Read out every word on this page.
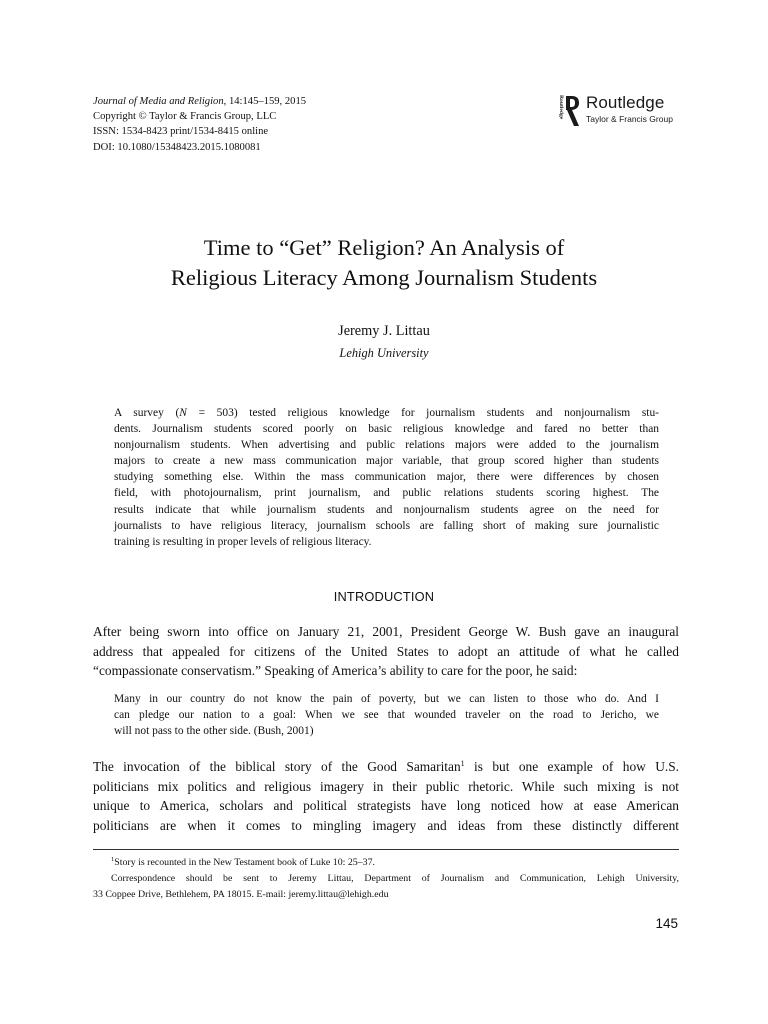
Journal of Media and Religion, 14:145–159, 2015
Copyright © Taylor & Francis Group, LLC
ISSN: 1534-8423 print/1534-8415 online
DOI: 10.1080/15348423.2015.1080081
Routledge Routledge
Taylor & Francis Group
Time to “Get” Religion? An Analysis of
Religious Literacy Among Journalism Students
Jeremy J. Littau
Lehigh University
A survey (N = 503) tested religious knowledge for journalism students and nonjournalism stu-
dents. Journalism students scored poorly on basic religious knowledge and fared no better than
nonjournalism students. When advertising and public relations majors were added to the journalism
majors to create a new mass communication major variable, that group scored higher than students
studying something else. Within the mass communication major, there were differences by chosen
field, with photojournalism, print journalism, and public relations students scoring highest. The
results indicate that while journalism students and nonjournalism students agree on the need for
journalists to have religious literacy, journalism schools are falling short of making sure journalistic
training is resulting in proper levels of religious literacy.
INTRODUCTION
After being sworn into office on January 21, 2001, President George W. Bush gave an inaugural
address that appealed for citizens of the United States to adopt an attitude of what he called
“compassionate conservatism.” Speaking of America’s ability to care for the poor, he said:
Many in our country do not know the pain of poverty, but we can listen to those who do. And I
can pledge our nation to a goal: When we see that wounded traveler on the road to Jericho, we
will not pass to the other side. (Bush, 2001)
The invocation of the biblical story of the Good Samaritan$^1$ is but one example of how U.S.
politicians mix politics and religious imagery in their public rhetoric. While such mixing is not
unique to America, scholars and political strategists have long noticed how at ease American
politicians are when it comes to mingling imagery and ideas from these distinctly different
$^1$Story is recounted in the New Testament book of Luke 10: 25–37.
Correspondence should be sent to Jeremy Littau, Department of Journalism and Communication, Lehigh University,
33 Coppee Drive, Bethlehem, PA 18015. E-mail: jeremy.littau@lehigh.edu
145
